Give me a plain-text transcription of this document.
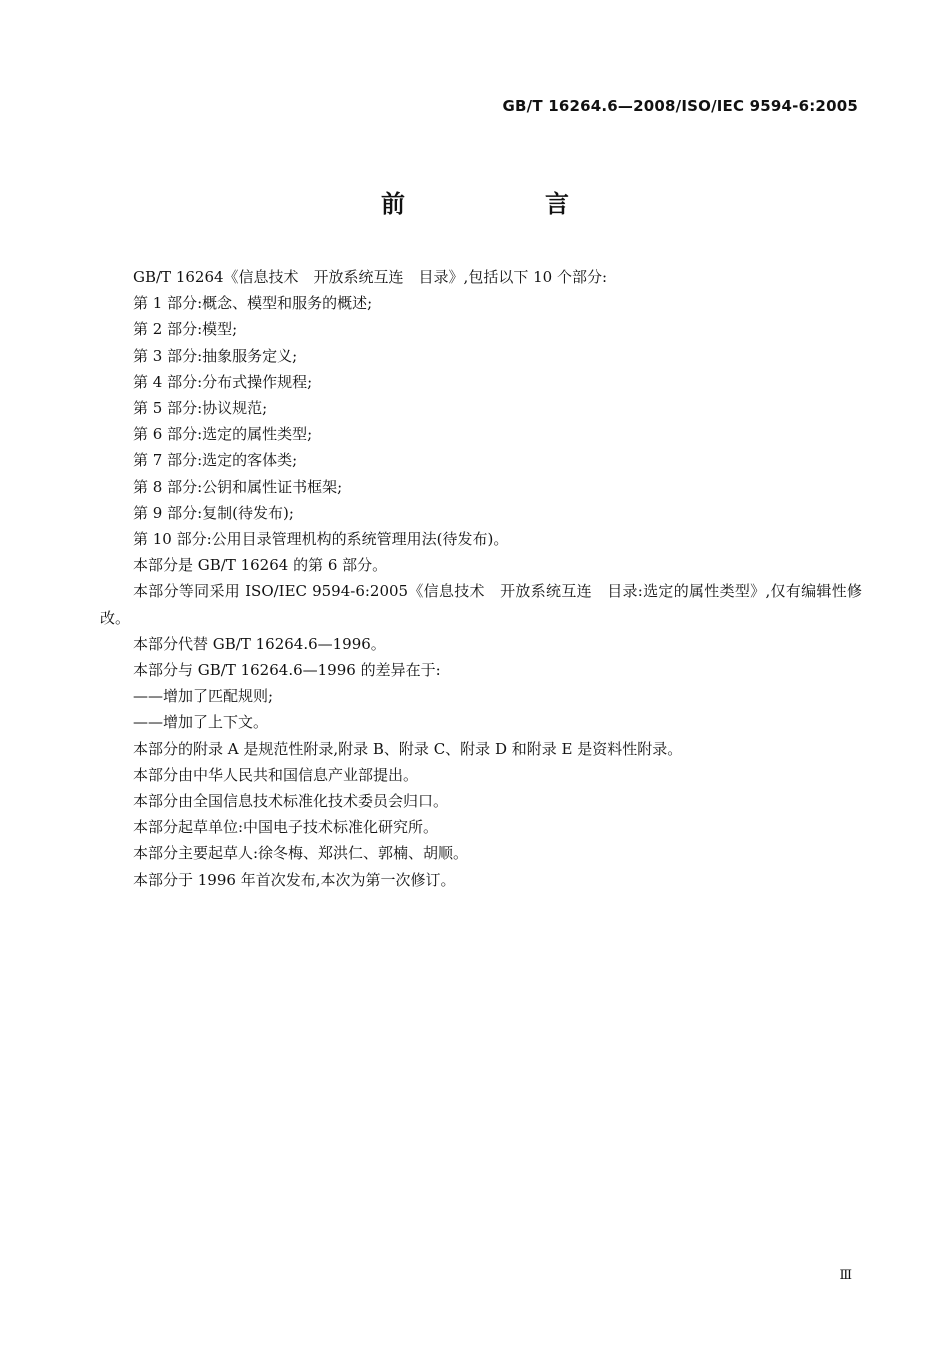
GB/T 16264.6—2008/ISO/IEC 9594-6:2005
前　言

GB/T 16264《信息技术　开放系统互连　目录》,包括以下 10 个部分:

第 1 部分:概念、模型和服务的概述;

第 2 部分:模型;

第 3 部分:抽象服务定义;

第 4 部分:分布式操作规程;

第 5 部分:协议规范;

第 6 部分:选定的属性类型;

第 7 部分:选定的客体类;

第 8 部分:公钥和属性证书框架;

第 9 部分:复制(待发布);

第 10 部分:公用目录管理机构的系统管理用法(待发布)。

本部分是 GB/T 16264 的第 6 部分。

本部分等同采用 ISO/IEC 9594-6:2005《信息技术　开放系统互连　目录:选定的属性类型》,仅有编辑性修改。

本部分代替 GB/T 16264.6—1996。

本部分与 GB/T 16264.6—1996 的差异在于:

——增加了匹配规则;

——增加了上下文。

本部分的附录 A 是规范性附录,附录 B、附录 C、附录 D 和附录 E 是资料性附录。

本部分由中华人民共和国信息产业部提出。

本部分由全国信息技术标准化技术委员会归口。

本部分起草单位:中国电子技术标准化研究所。

本部分主要起草人:徐冬梅、郑洪仁、郭楠、胡顺。

本部分于 1996 年首次发布,本次为第一次修订。

Ⅲ
